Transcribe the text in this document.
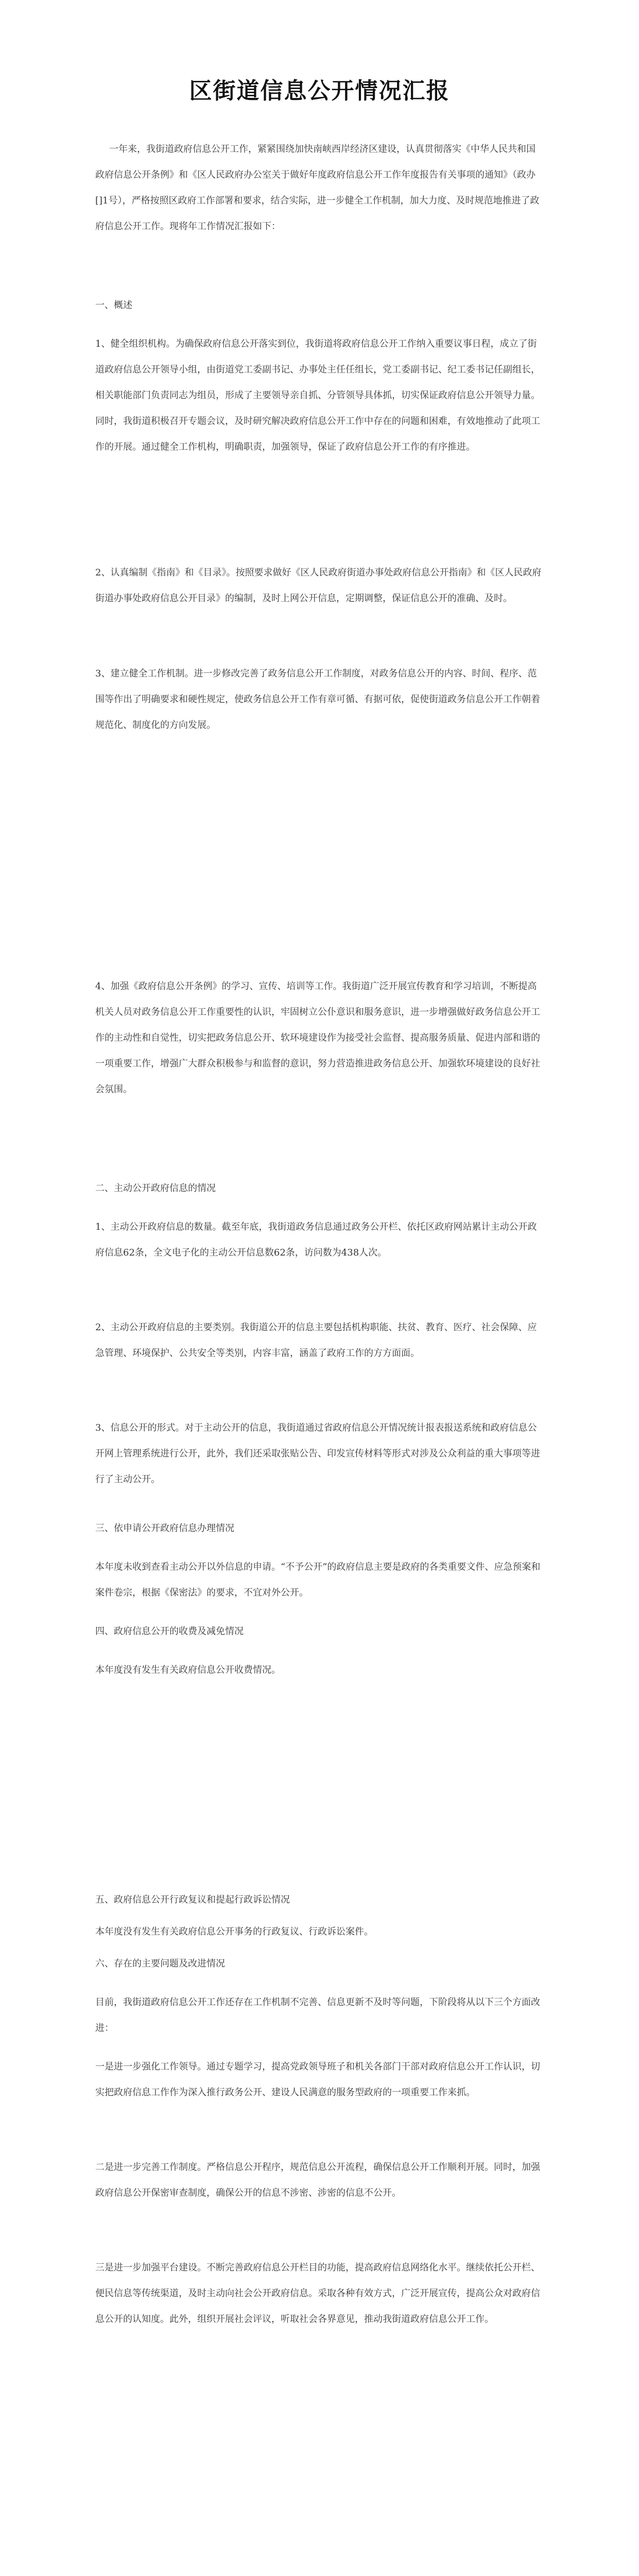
区街道信息公开情况汇报

一年来，我街道政府信息公开工作，紧紧围绕加快南峡西岸经济区建设，认真贯彻落实《中华人民共和国政府信息公开条例》和《区人民政府办公室关于做好年度政府信息公开工作年度报告有关事项的通知》（政办[]1号），严格按照区政府工作部署和要求，结合实际，进一步健全工作机制，加大力度、及时规范地推进了政府信息公开工作。现将年工作情况汇报如下：

一、概述

1、健全组织机构。为确保政府信息公开落实到位，我街道将政府信息公开工作纳入重要议事日程，成立了街道政府信息公开领导小组，由街道党工委副书记、办事处主任任组长，党工委副书记、纪工委书记任副组长，相关职能部门负责同志为组员，形成了主要领导亲自抓、分管领导具体抓，切实保证政府信息公开领导力量。同时，我街道积极召开专题会议，及时研究解决政府信息公开工作中存在的问题和困难，有效地推动了此项工作的开展。通过健全工作机构，明确职责，加强领导，保证了政府信息公开工作的有序推进。

2、认真编制《指南》和《目录》。按照要求做好《区人民政府街道办事处政府信息公开指南》和《区人民政府街道办事处政府信息公开目录》的编制，及时上网公开信息，定期调整，保证信息公开的准确、及时。

3、建立健全工作机制。进一步修改完善了政务信息公开工作制度，对政务信息公开的内容、时间、程序、范围等作出了明确要求和硬性规定，使政务信息公开工作有章可循、有据可依，促使街道政务信息公开工作朝着规范化、制度化的方向发展。

4、加强《政府信息公开条例》的学习、宣传、培训等工作。我街道广泛开展宣传教育和学习培训，不断提高机关人员对政务信息公开工作重要性的认识，牢固树立公仆意识和服务意识，进一步增强做好政务信息公开工作的主动性和自觉性，切实把政务信息公开、软环境建设作为接受社会监督、提高服务质量、促进内部和谐的一项重要工作，增强广大群众积极参与和监督的意识，努力营造推进政务信息公开、加强软环境建设的良好社会氛围。

二、主动公开政府信息的情况

1、主动公开政府信息的数量。截至年底，我街道政务信息通过政务公开栏、依托区政府网站累计主动公开政府信息62条，全文电子化的主动公开信息数62条，访问数为438人次。

2、主动公开政府信息的主要类别。我街道公开的信息主要包括机构职能、扶贫、教育、医疗、社会保障、应急管理、环境保护、公共安全等类别，内容丰富，涵盖了政府工作的方方面面。

3、信息公开的形式。对于主动公开的信息，我街道通过省政府信息公开情况统计报表报送系统和政府信息公开网上管理系统进行公开，此外，我们还采取张贴公告、印发宣传材料等形式对涉及公众利益的重大事项等进行了主动公开。

三、依申请公开政府信息办理情况

本年度未收到查看主动公开以外信息的申请。“不予公开”的政府信息主要是政府的各类重要文件、应急预案和案件卷宗，根据《保密法》的要求，不宜对外公开。

四、政府信息公开的收费及减免情况

本年度没有发生有关政府信息公开收费情况。

五、政府信息公开行政复议和提起行政诉讼情况

本年度没有发生有关政府信息公开事务的行政复议、行政诉讼案件。

六、存在的主要问题及改进情况

目前，我街道政府信息公开工作还存在工作机制不完善、信息更新不及时等问题，下阶段将从以下三个方面改进：

一是进一步强化工作领导。通过专题学习，提高党政领导班子和机关各部门干部对政府信息公开工作认识，切实把政府信息工作作为深入推行政务公开、建设人民满意的服务型政府的一项重要工作来抓。

二是进一步完善工作制度。严格信息公开程序，规范信息公开流程，确保信息公开工作顺利开展。同时，加强政府信息公开保密审查制度，确保公开的信息不涉密、涉密的信息不公开。

三是进一步加强平台建设。不断完善政府信息公开栏目的功能，提高政府信息网络化水平。继续依托公开栏、便民信息等传统渠道，及时主动向社会公开政府信息。采取各种有效方式，广泛开展宣传，提高公众对政府信息公开的认知度。此外，组织开展社会评议，听取社会各界意见，推动我街道政府信息公开工作。
